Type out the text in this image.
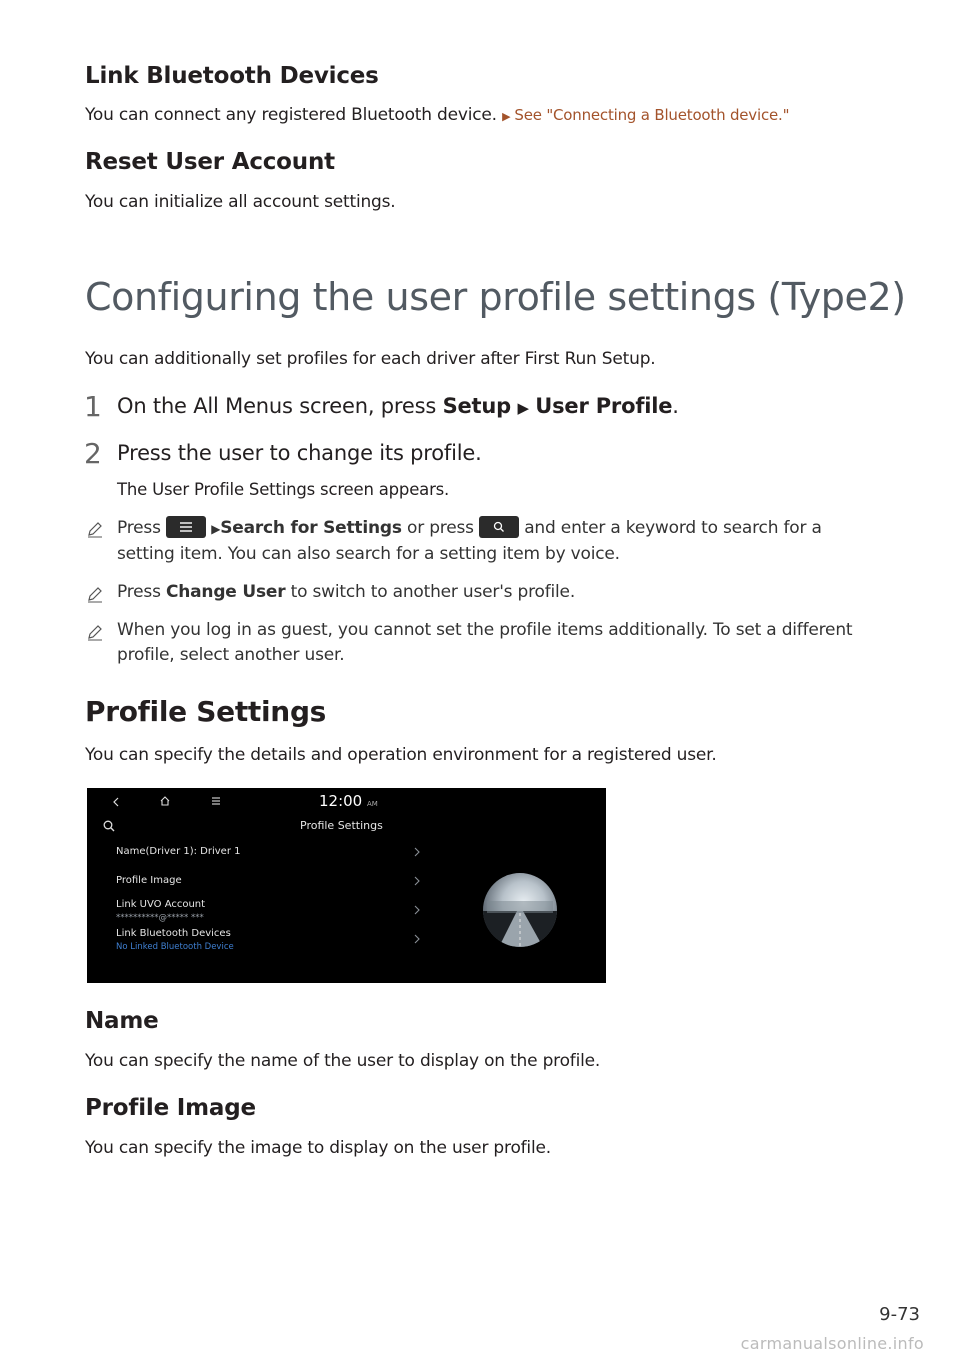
Link Bluetooth Devices
You can connect any registered Bluetooth device. ▶ See "Connecting a Bluetooth device."
Reset User Account
You can initialize all account settings.
Configuring the user profile settings (Type2)
You can additionally set profiles for each driver after First Run Setup.
1 On the All Menus screen, press Setup ▶ User Profile.
2 Press the user to change its profile.
The User Profile Settings screen appears.
Press	▶Search for Settings or press	and enter a keyword to search for a
setting item. You can also search for a setting item by voice.
Press Change User to switch to another user's profile.
When you log in as guest, you cannot set the profile items additionally. To set a different
profile, select another user.
Profile Settings
You can specify the details and operation environment for a registered user.
12:00 AM
Profile Settings
Name(Driver 1): Driver 1
Profile Image
Link UVO Account
**********@***** ***
Link Bluetooth Devices
No Linked Bluetooth Device
Name
You can specify the name of the user to display on the profile.
Profile Image
You can specify the image to display on the user profile.
9-73
carmanualsonline.info
